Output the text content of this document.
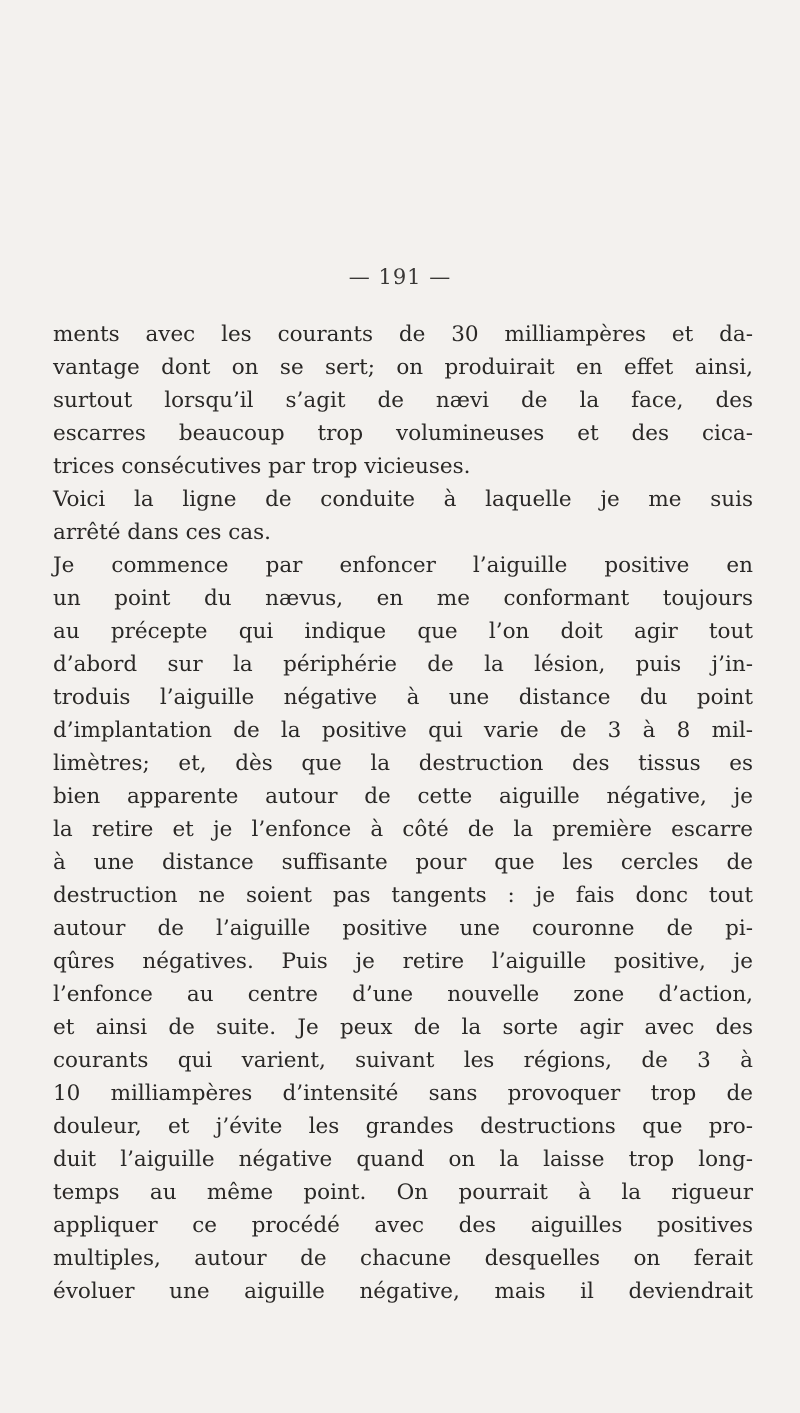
— 191 —
ments avec les courants de 30 milliampères et da-
vantage dont on se sert; on produirait en effet ainsi,
surtout lorsqu’il s’agit de nævi de la face, des
escarres beaucoup trop volumineuses et des cica-
trices consécutives par trop vicieuses.
Voici la ligne de conduite à laquelle je me suis
arrêté dans ces cas.
Je commence par enfoncer l’aiguille positive en
un point du nævus, en me conformant toujours
au précepte qui indique que l’on doit agir tout
d’abord sur la périphérie de la lésion, puis j’in-
troduis l’aiguille négative à une distance du point
d’implantation de la positive qui varie de 3 à 8 mil-
limètres; et, dès que la destruction des tissus es
bien apparente autour de cette aiguille négative, je
la retire et je l’enfonce à côté de la première escarre
à une distance suffisante pour que les cercles de
destruction ne soient pas tangents : je fais donc tout
autour de l’aiguille positive une couronne de pi-
qûres négatives. Puis je retire l’aiguille positive, je
l’enfonce au centre d’une nouvelle zone d’action,
et ainsi de suite. Je peux de la sorte agir avec des
courants qui varient, suivant les régions, de 3 à
10 milliampères d’intensité sans provoquer trop de
douleur, et j’évite les grandes destructions que pro-
duit l’aiguille négative quand on la laisse trop long-
temps au même point. On pourrait à la rigueur
appliquer ce procédé avec des aiguilles positives
multiples, autour de chacune desquelles on ferait
évoluer une aiguille négative, mais il deviendrait
